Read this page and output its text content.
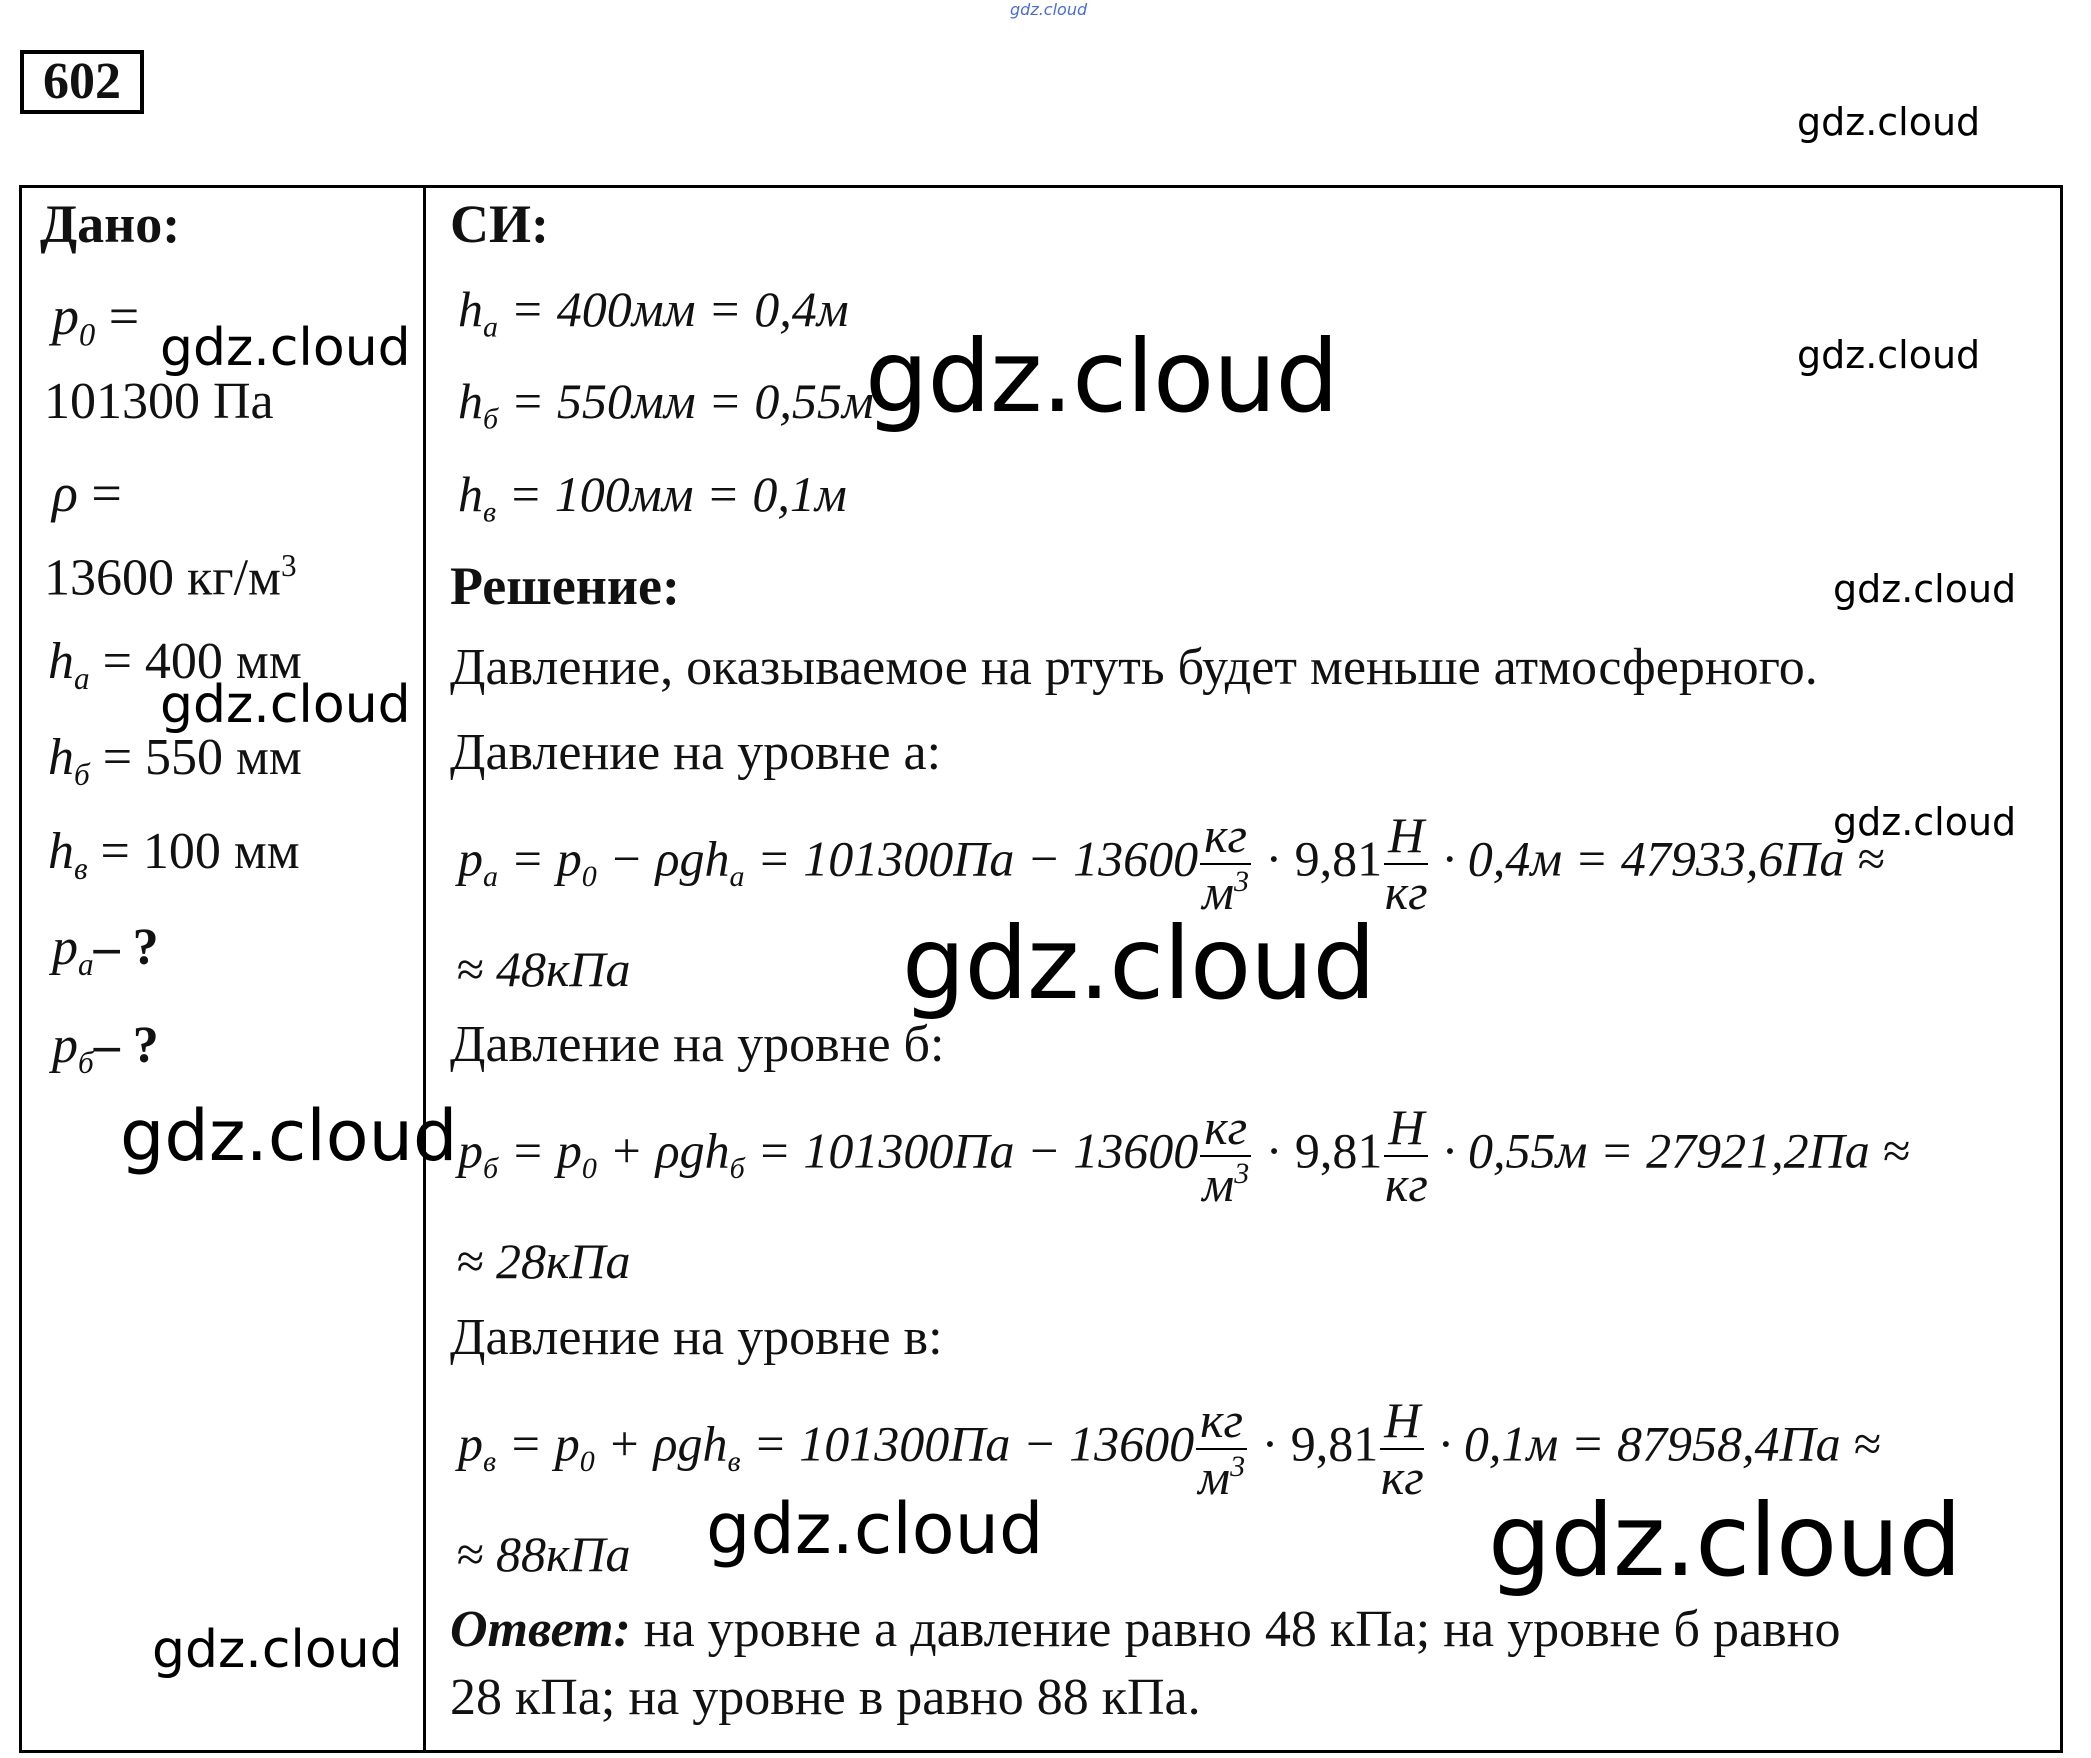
gdz.cloud
602
gdz.cloud
Дано:
$p_0$ =
101300 Па
ρ =
13600 $кг/м^3$
$h_a = 400$ мм
$h_б = 550$ мм
$h_в = 100$ мм
$p_a-$ ?
$p_б-$ ?
gdz.cloud
gdz.cloud
gdz.cloud
gdz.cloud
СИ:
$h_a = 400мм = 0,4м$
$h_б = 550мм = 0,55м$
$h_в = 100мм = 0,1м$
Решение:
Давление, оказываемое на ртуть будет меньше атмосферного.
Давление на уровне а:
$p_a = p_0 - \rho gh_a = 101300Па - 13600 \frac{кг}{м^3} \cdot 9,81 \frac{Н}{кг} \cdot 0,4м = 47933,6Па$ ≈
≈ 48кПа
Давление на уровне б:
$p_б = p_0 + \rho gh_б = 101300Па - 13600 \frac{кг}{м^3} \cdot 9,81 \frac{Н}{кг} \cdot 0,55м = 27921,2Па$ ≈
≈ 28кПа
Давление на уровне в:
$p_в = p_0 + \rho gh_в = 101300Па - 13600 \frac{кг}{м^3} \cdot 9,81 \frac{Н}{кг} \cdot 0,1м = 87958,4Па$ ≈
≈ 88кПа
Ответ: на уровне а давление равно 48 кПа; на уровне б равно
28 кПа; на уровне в равно 88 кПа.
gdz.cloud	gdz.cloud
gdz.cloud
gdz.cloud
gdz.cloud
gdz.cloud	gdz.cloud
